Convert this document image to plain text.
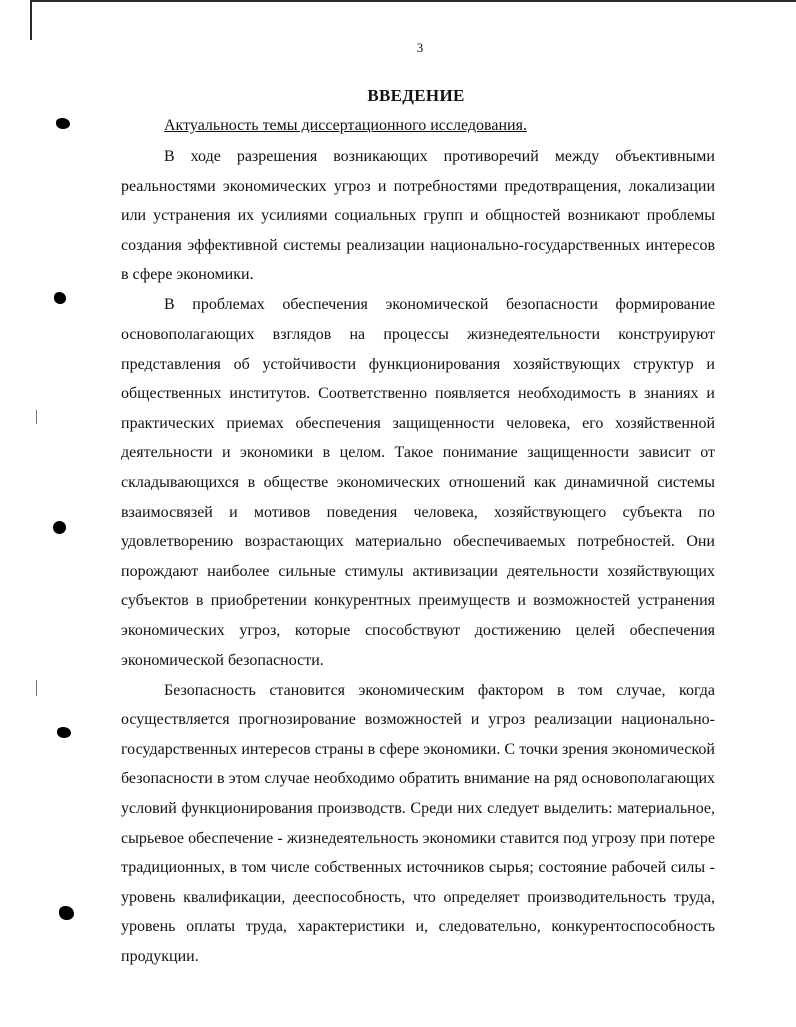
3
ВВЕДЕНИЕ
Актуальность темы диссертационного исследования.

В ходе разрешения возникающих противоречий между объективными реальностями экономических угроз и потребностями предотвращения, локализации или устранения их усилиями социальных групп и общностей возникают проблемы создания эффективной системы реализации национально-государственных интересов в сфере экономики.

В проблемах обеспечения экономической безопасности формирование основополагающих взглядов на процессы жизнедеятельности конструируют представления об устойчивости функционирования хозяйствующих структур и общественных институтов. Соответственно появляется необходимость в знаниях и практических приемах обеспечения защищенности человека, его хозяйственной деятельности и экономики в целом. Такое понимание защищенности зависит от складывающихся в обществе экономических отношений как динамичной системы взаимосвязей и мотивов поведения человека, хозяйствующего субъекта по удовлетворению возрастающих материально обеспечиваемых потребностей. Они порождают наиболее сильные стимулы активизации деятельности хозяйствующих субъектов в приобретении конкурентных преимуществ и возможностей устранения экономических угроз, которые способствуют достижению целей обеспечения экономической безопасности.

Безопасность становится экономическим фактором в том случае, когда осуществляется прогнозирование возможностей и угроз реализации национально-государственных интересов страны в сфере экономики. С точки зрения экономической безопасности в этом случае необходимо обратить внимание на ряд основополагающих условий функционирования производств. Среди них следует выделить: материальное, сырьевое обеспечение - жизнедеятельность экономики ставится под угрозу при потере традиционных, в том числе собственных источников сырья; состояние рабочей силы - уровень квалификации, дееспособность, что определяет производительность труда, уровень оплаты труда, характеристики и, следовательно, конкурентоспособность продукции.
